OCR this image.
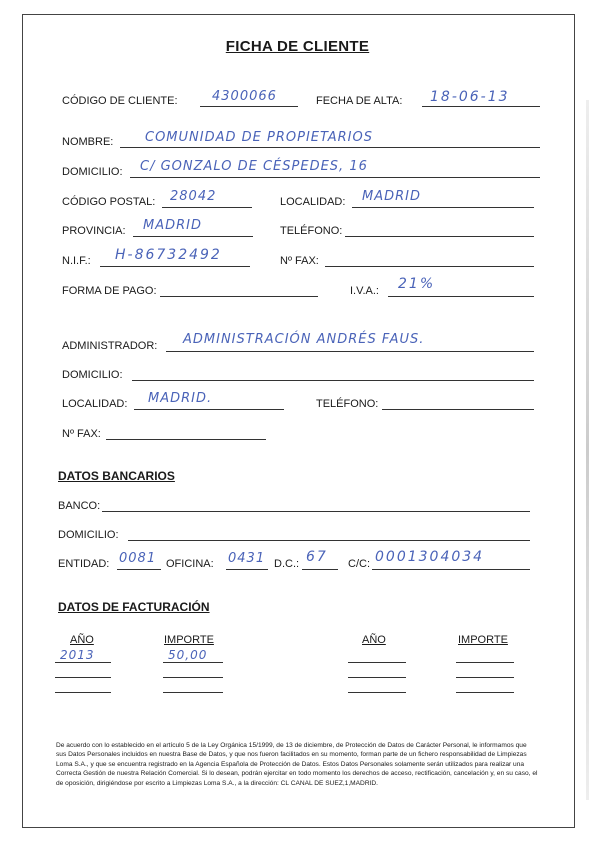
FICHA DE CLIENTE
CÓDIGO DE CLIENTE:	4300066	FECHA DE ALTA: 18-06-13
NOMBRE: COMUNIDAD DE PROPIETARIOS
DOMICILIO: C/ GONZALO DE CÉSPEDES, 16
CÓDIGO POSTAL: 28042	LOCALIDAD: MADRID
PROVINCIA: MADRID	TELÉFONO:
N.I.F.: H-86732492	Nº FAX:
FORMA DE PAGO:	I.V.A.: 21%
ADMINISTRADOR: ADMINISTRACIÓN ANDRÉS FAUS.
DOMICILIO:
LOCALIDAD: MADRID.	TELÉFONO:
Nº FAX:
DATOS BANCARIOS
BANCO:
DOMICILIO:
ENTIDAD: 0081 OFICINA: 0431 D.C.: 67 C/C: 0001304034
DATOS DE FACTURACIÓN
AÑO	IMPORTE	AÑO	IMPORTE
2013	50,00
De acuerdo con lo establecido en el artículo 5 de la Ley Orgánica 15/1999, de 13 de diciembre, de Protección de Datos de Carácter Personal, le informamos que sus Datos Personales incluidos en nuestra Base de Datos, y que nos fueron facilitados en su momento, forman parte de un fichero responsabilidad de Limpiezas Loma S.A., y que se encuentra registrado en la Agencia Española de Protección de Datos. Estos Datos Personales solamente serán utilizados para realizar una Correcta Gestión de nuestra Relación Comercial. Si lo desean, podrán ejercitar en todo momento los derechos de acceso, rectificación, cancelación y, en su caso, el de oposición, dirigiéndose por escrito a Limpiezas Loma S.A., a la dirección: CL CANAL DE SUEZ,1,MADRID.
